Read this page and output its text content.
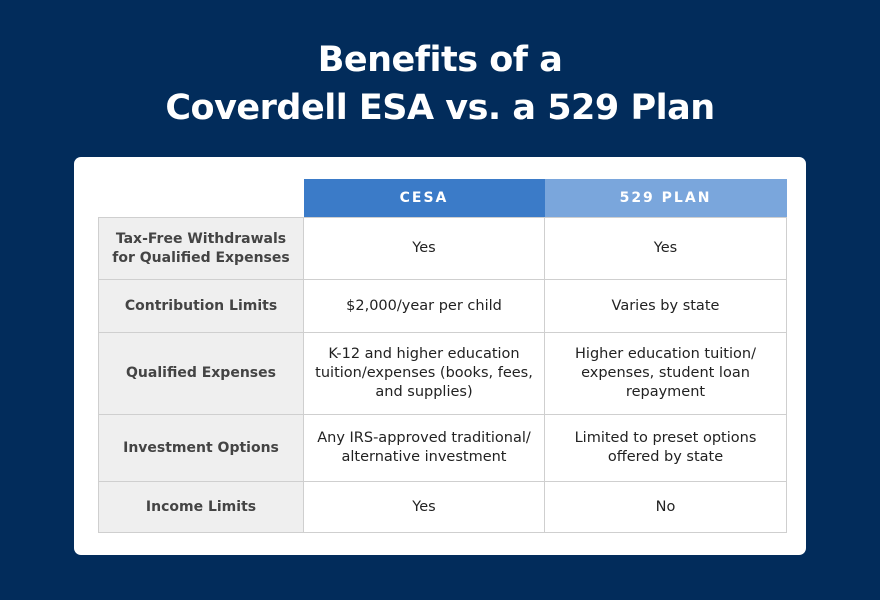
Benefits of a
Coverdell ESA vs. a 529 Plan
	CESA	529 PLAN
Tax-Free Withdrawals for Qualified Expenses	Yes	Yes
Contribution Limits	$2,000/year per child	Varies by state
Qualified Expenses	K-12 and higher education tuition/expenses (books, fees, and supplies)	Higher education tuition/ expenses, student loan repayment
Investment Options	Any IRS-approved traditional/ alternative investment	Limited to preset options offered by state
Income Limits	Yes	No
